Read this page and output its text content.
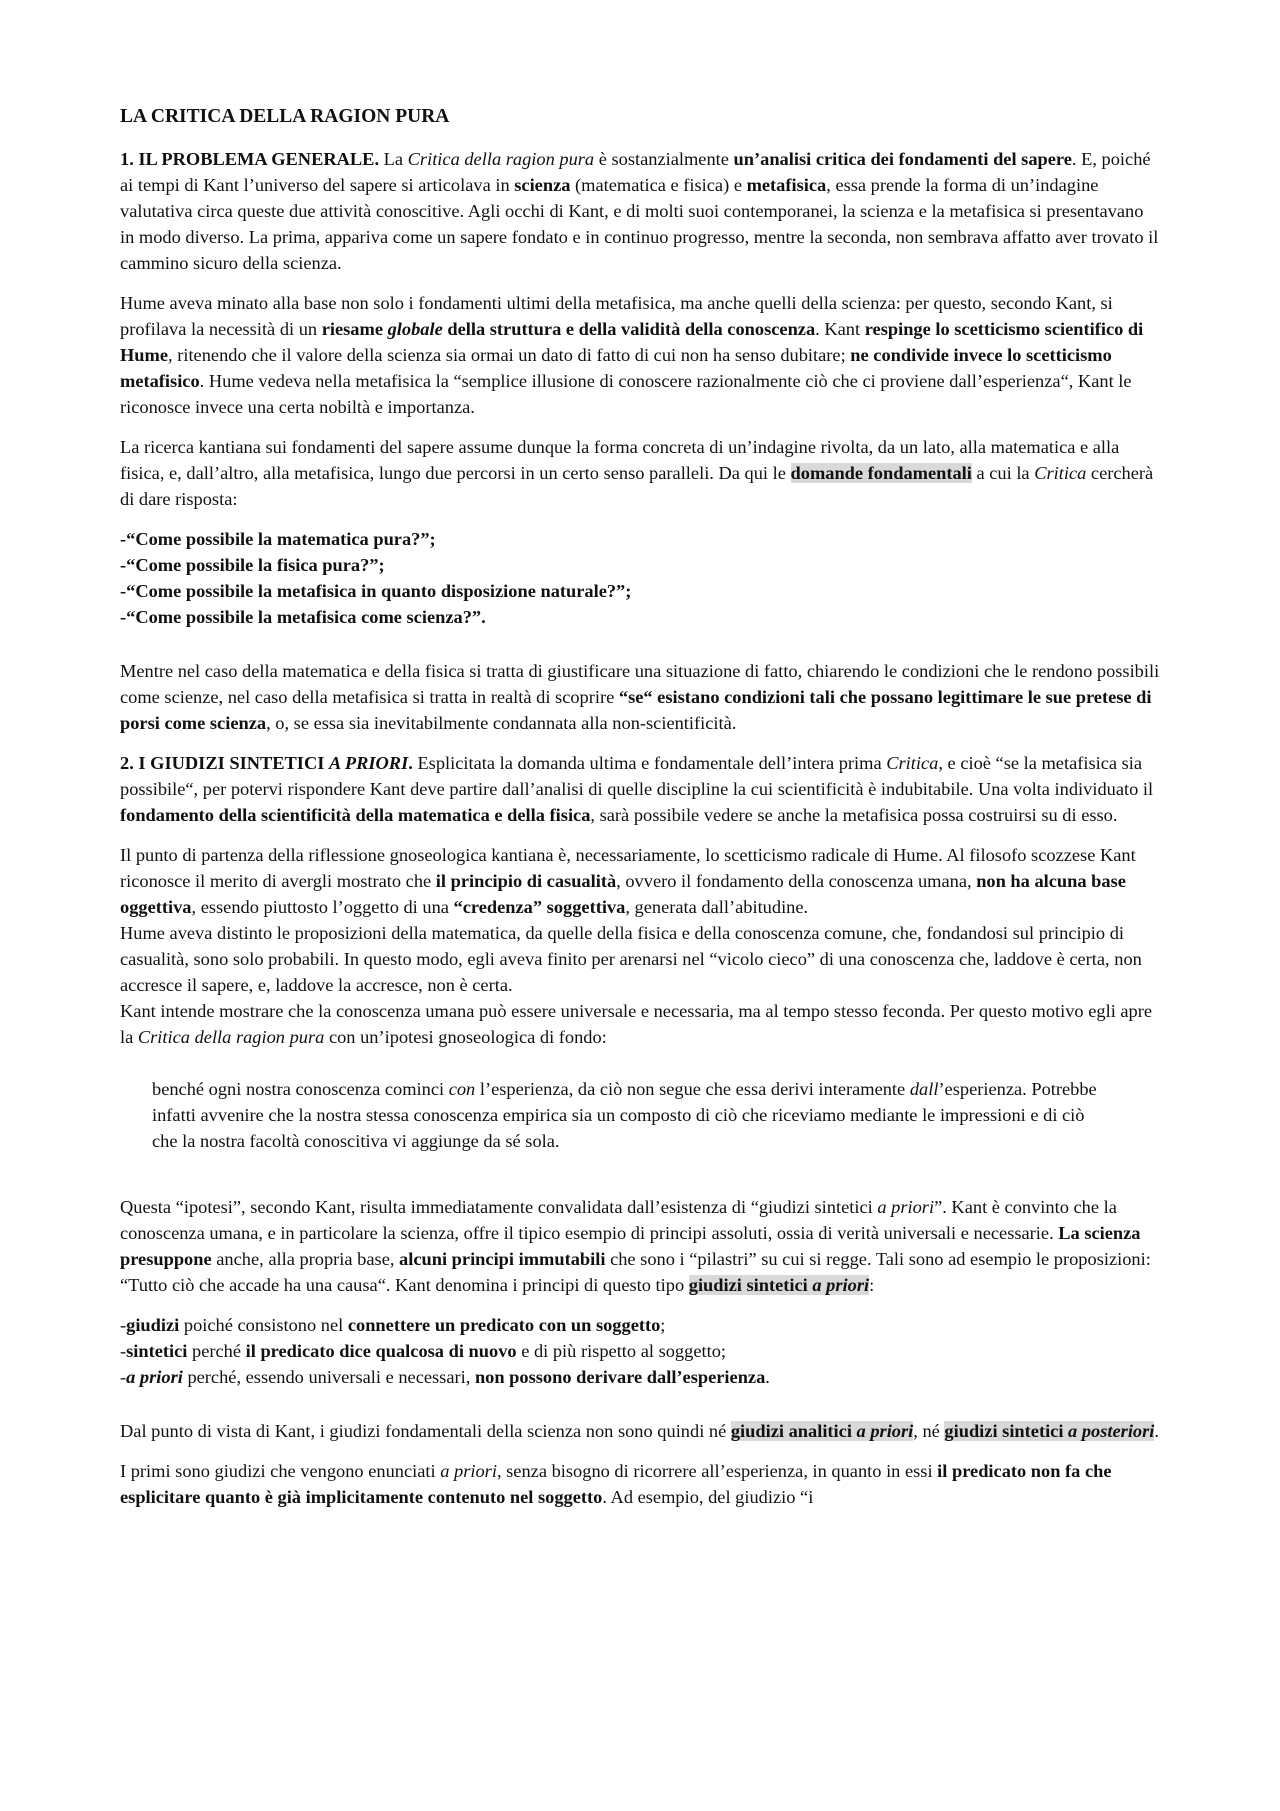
LA CRITICA DELLA RAGION PURA

1. IL PROBLEMA GENERALE. La Critica della ragion pura è sostanzialmente un’analisi critica dei fondamenti del sapere. E, poiché ai tempi di Kant l’universo del sapere si articolava in scienza (matematica e fisica) e metafisica, essa prende la forma di un’indagine valutativa circa queste due attività conoscitive. Agli occhi di Kant, e di molti suoi contemporanei, la scienza e la metafisica si presentavano in modo diverso. La prima, appariva come un sapere fondato e in continuo progresso, mentre la seconda, non sembrava affatto aver trovato il cammino sicuro della scienza.

Hume aveva minato alla base non solo i fondamenti ultimi della metafisica, ma anche quelli della scienza: per questo, secondo Kant, si profilava la necessità di un riesame globale della struttura e della validità della conoscenza. Kant respinge lo scetticismo scientifico di Hume, ritenendo che il valore della scienza sia ormai un dato di fatto di cui non ha senso dubitare; ne condivide invece lo scetticismo metafisico. Hume vedeva nella metafisica la “semplice illusione di conoscere razionalmente ciò che ci proviene dall’esperienza“, Kant le riconosce invece una certa nobiltà e importanza.

La ricerca kantiana sui fondamenti del sapere assume dunque la forma concreta di un’indagine rivolta, da un lato, alla matematica e alla fisica, e, dall’altro, alla metafisica, lungo due percorsi in un certo senso paralleli. Da qui le domande fondamentali a cui la Critica cercherà di dare risposta:

-“Come possibile la matematica pura?”;
-“Come possibile la fisica pura?”;
-“Come possibile la metafisica in quanto disposizione naturale?”;
-“Come possibile la metafisica come scienza?”.

Mentre nel caso della matematica e della fisica si tratta di giustificare una situazione di fatto, chiarendo le condizioni che le rendono possibili come scienze, nel caso della metafisica si tratta in realtà di scoprire “se“ esistano condizioni tali che possano legittimare le sue pretese di porsi come scienza, o, se essa sia inevitabilmente condannata alla non-scientificità.

2. I GIUDIZI SINTETICI A PRIORI. Esplicitata la domanda ultima e fondamentale dell’intera prima Critica, e cioè “se la metafisica sia possibile“, per potervi rispondere Kant deve partire dall’analisi di quelle discipline la cui scientificità è indubitabile. Una volta individuato il fondamento della scientificità della matematica e della fisica, sarà possibile vedere se anche la metafisica possa costruirsi su di esso.

Il punto di partenza della riflessione gnoseologica kantiana è, necessariamente, lo scetticismo radicale di Hume. Al filosofo scozzese Kant riconosce il merito di avergli mostrato che il principio di casualità, ovvero il fondamento della conoscenza umana, non ha alcuna base oggettiva, essendo piuttosto l’oggetto di una “credenza” soggettiva, generata dall’abitudine.

Hume aveva distinto le proposizioni della matematica, da quelle della fisica e della conoscenza comune, che, fondandosi sul principio di casualità, sono solo probabili. In questo modo, egli aveva finito per arenarsi nel “vicolo cieco” di una conoscenza che, laddove è certa, non accresce il sapere, e, laddove la accresce, non è certa.

Kant intende mostrare che la conoscenza umana può essere universale e necessaria, ma al tempo stesso feconda. Per questo motivo egli apre la Critica della ragion pura con un’ipotesi gnoseologica di fondo:

benché ogni nostra conoscenza cominci con l’esperienza, da ciò non segue che essa derivi interamente dall’esperienza. Potrebbe infatti avvenire che la nostra stessa conoscenza empirica sia un composto di ciò che riceviamo mediante le impressioni e di ciò che la nostra facoltà conoscitiva vi aggiunge da sé sola.

Questa “ipotesi”, secondo Kant, risulta immediatamente convalidata dall’esistenza di “giudizi sintetici a priori”. Kant è convinto che la conoscenza umana, e in particolare la scienza, offre il tipico esempio di principi assoluti, ossia di verità universali e necessarie. La scienza presuppone anche, alla propria base, alcuni principi immutabili che sono i “pilastri” su cui si regge. Tali sono ad esempio le proposizioni: “Tutto ciò che accade ha una causa“. Kant denomina i principi di questo tipo giudizi sintetici a priori:

-giudizi poiché consistono nel connettere un predicato con un soggetto;
-sintetici perché il predicato dice qualcosa di nuovo e di più rispetto al soggetto;
-a priori perché, essendo universali e necessari, non possono derivare dall’esperienza.

Dal punto di vista di Kant, i giudizi fondamentali della scienza non sono quindi né giudizi analitici a priori, né giudizi sintetici a posteriori.

I primi sono giudizi che vengono enunciati a priori, senza bisogno di ricorrere all’esperienza, in quanto in essi il predicato non fa che esplicitare quanto è già implicitamente contenuto nel soggetto. Ad esempio, del giudizio “i
